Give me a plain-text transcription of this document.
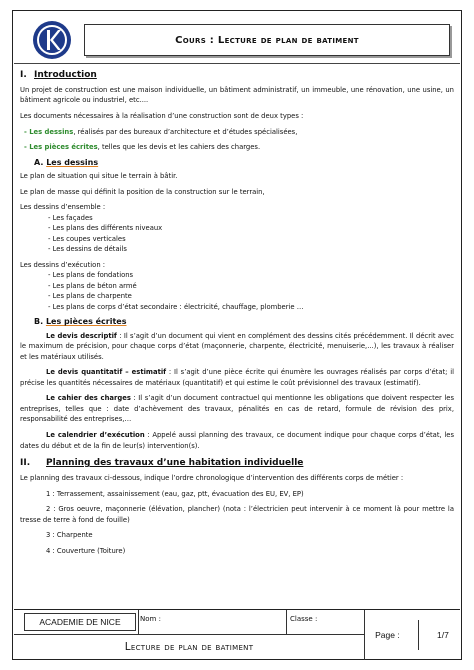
Cours : Lecture de plan de batiment

I. Introduction

Un projet de construction est une maison individuelle, un bâtiment administratif, un immeuble, une rénovation, une usine, un bâtiment agricole ou industriel, etc....

Les documents nécessaires à la réalisation d’une construction sont de deux types :

- Les dessins, réalisés par des bureaux d’architecture et d’études spécialisées,

- Les pièces écrites, telles que les devis et les cahiers des charges.

A. Les dessins

Le plan de situation qui situe le terrain à bâtir.

Le plan de masse qui définit la position de la construction sur le terrain,

Les dessins d’ensemble :

- Les façades

- Les plans des différents niveaux

- Les coupes verticales

- Les dessins de détails

Les dessins d’exécution :

- Les plans de fondations

- Les plans de béton armé

- Les plans de charpente

- Les plans de corps d’état secondaire : électricité, chauffage, plomberie …

B. Les pièces écrites

Le devis descriptif : Il s’agit d’un document qui vient en complément des dessins cités précédemment. Il décrit avec le maximum de précision, pour chaque corps d’état (maçonnerie, charpente, électricité, menuiserie,...), les travaux à réaliser et les matériaux utilisés.

Le devis quantitatif – estimatif : Il s’agit d’une pièce écrite qui énumère les ouvrages réalisés par corps d’état; il précise les quantités nécessaires de matériaux (quantitatif) et qui estime le coût prévisionnel des travaux (estimatif).

Le cahier des charges : Il s’agit d’un document contractuel qui mentionne les obligations que doivent respecter les entreprises, telles que : date d’achèvement des travaux, pénalités en cas de retard, formule de révision des prix, responsabilité des entreprises,…

Le calendrier d’exécution : Appelé aussi planning des travaux, ce document indique pour chaque corps d’état, les dates du début et de la fin de leur(s) intervention(s).

II. Planning des travaux d’une habitation individuelle

Le planning des travaux ci-dessous, indique l’ordre chronologique d’intervention des différents corps de métier :

1 : Terrassement, assainissement (eau, gaz, ptt, évacuation des EU, EV, EP)

2 : Gros oeuvre, maçonnerie (élévation, plancher) (nota : l’électricien peut intervenir à ce moment là pour mettre la tresse de terre à fond de fouille)

3 : Charpente

4 : Couverture (Toiture)

ACADEMIE DE NICE	Nom :	Classe :
Lecture de plan de batiment
Page :	1/7
